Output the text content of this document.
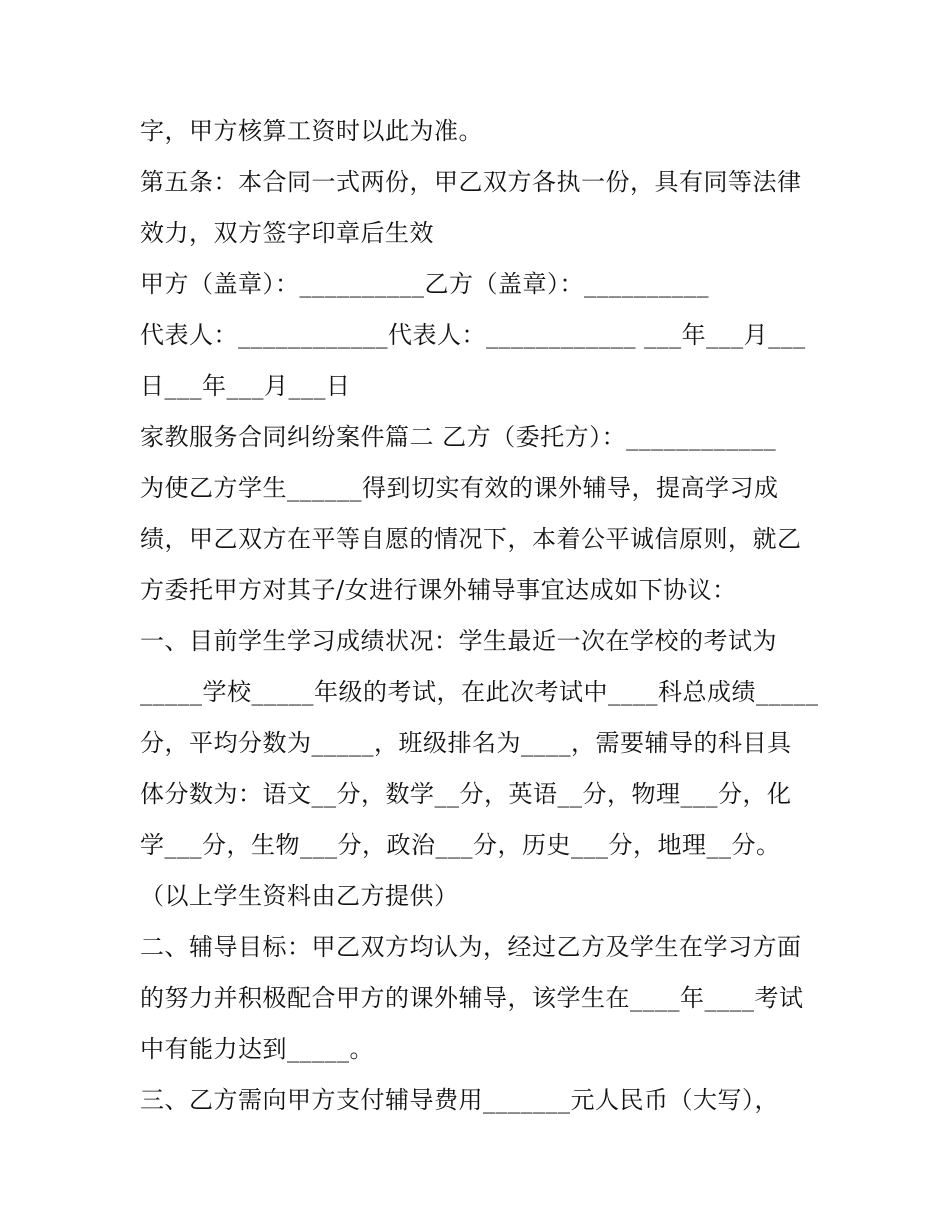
字，甲方核算工资时以此为准。
第五条：本合同一式两份，甲乙双方各执一份，具有同等法律
效力，双方签字印章后生效
甲方（盖章）：__________乙方（盖章）：__________
代表人：____________代表人：____________ ___年___月___
日___年___月___日
家教服务合同纠纷案件篇二 乙方（委托方）：____________
为使乙方学生______得到切实有效的课外辅导，提高学习成
绩，甲乙双方在平等自愿的情况下，本着公平诚信原则，就乙
方委托甲方对其子/女进行课外辅导事宜达成如下协议：
一、目前学生学习成绩状况：学生最近一次在学校的考试为
_____学校_____年级的考试，在此次考试中____科总成绩_____
分，平均分数为_____，班级排名为____，需要辅导的科目具
体分数为：语文__分，数学__分，英语__分，物理___分，化
学___分，生物___分，政治___分，历史___分，地理__分。
（以上学生资料由乙方提供）
二、辅导目标：甲乙双方均认为，经过乙方及学生在学习方面
的努力并积极配合甲方的课外辅导，该学生在____年____考试
中有能力达到_____。
三、乙方需向甲方支付辅导费用_______元人民币（大写），
